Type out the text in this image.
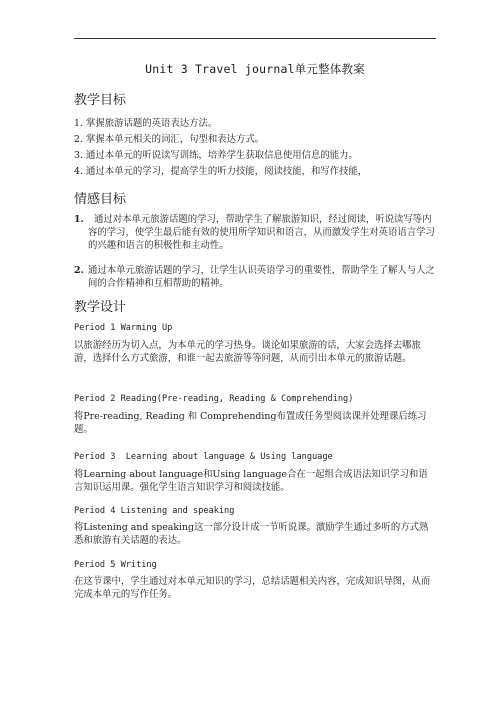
Unit 3 Travel journal单元整体教案
教学目标
1. 掌握旅游话题的英语表达方法。
2. 掌握本单元相关的词汇，句型和表达方式。
3. 通过本单元的听说读写训练，培养学生获取信息使用信息的能力。
4. 通过本单元的学习，提高学生的听力技能，阅读技能，和写作技能，
情感目标
1.	通过对本单元旅游话题的学习，帮助学生了解旅游知识，经过阅读，听说读写等内容的学习，使学生最后能有效的使用所学知识和语言，从而激发学生对英语语言学习的兴趣和语言的积极性和主动性。
2. 通过本单元旅游话题的学习，让学生认识英语学习的重要性，帮助学生了解人与人之间的合作精神和互相帮助的精神。
教学设计
Period 1 Warming Up
以旅游经历为切入点，为本单元的学习热身。谈论如果旅游的话，大家会选择去哪旅游，选择什么方式旅游，和谁一起去旅游等等问题，从而引出本单元的旅游话题。
Period 2 Reading(Pre-reading, Reading & Comprehending)
将Pre-reading, Reading 和 Comprehending布置成任务型阅读课并处理课后练习题。
Period 3  Learning about language & Using language
将Learning about language和Using language合在一起组合成语法知识学习和语言知识运用课。强化学生语言知识学习和阅读技能。
Period 4 Listening and speaking
将Listening and speaking这一部分设计成一节听说课。激励学生通过多听的方式熟悉和旅游有关话题的表达。
Period 5 Writing
在这节课中，学生通过对本单元知识的学习，总结话题相关内容，完成知识导图，从而完成本单元的写作任务。
